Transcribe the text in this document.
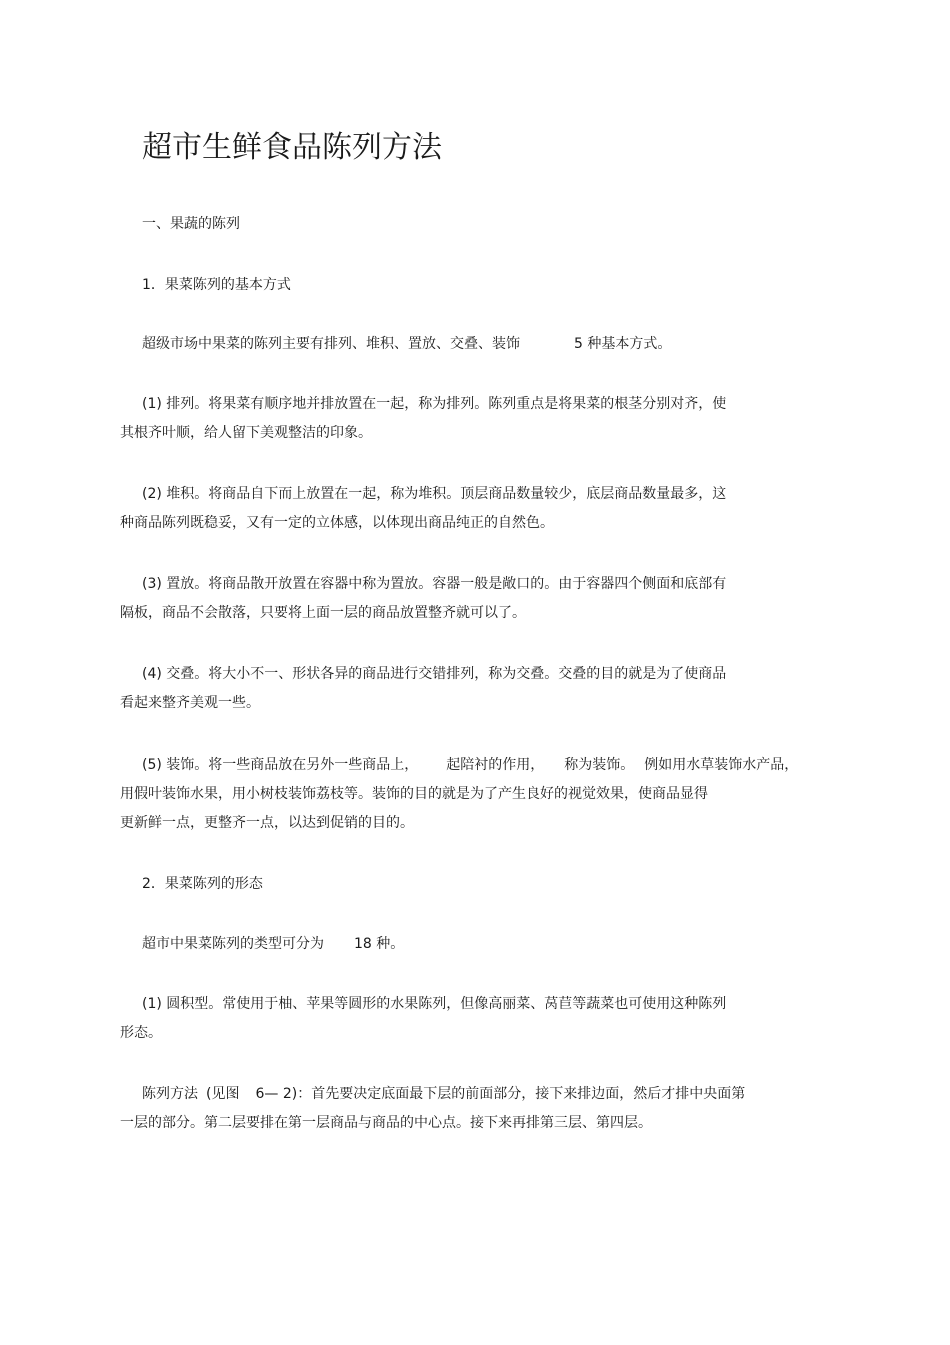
超市生鲜食品陈列方法
一、果蔬的陈列
1．果菜陈列的基本方式
超级市场中果菜的陈列主要有排列、堆积、置放、交叠、装饰	5 种基本方式。
(1) 排列。将果菜有顺序地并排放置在一起，称为排列。陈列重点是将果菜的根茎分别对齐，使
其根齐叶顺，给人留下美观整洁的印象。
(2) 堆积。将商品自下而上放置在一起，称为堆积。顶层商品数量较少，底层商品数量最多，这
种商品陈列既稳妥，又有一定的立体感，以体现出商品纯正的自然色。
(3) 置放。将商品散开放置在容器中称为置放。容器一般是敞口的。由于容器四个侧面和底部有
隔板，商品不会散落，只要将上面一层的商品放置整齐就可以了。
(4) 交叠。将大小不一、形状各异的商品进行交错排列，称为交叠。交叠的目的就是为了使商品
看起来整齐美观一些。
(5) 装饰。将一些商品放在另外一些商品上， 起陪衬的作用， 称为装饰。 例如用水草装饰水产品，
用假叶装饰水果，用小树枝装饰荔枝等。装饰的目的就是为了产生良好的视觉效果，使商品显得
更新鲜一点，更整齐一点，以达到促销的目的。
2．果菜陈列的形态
超市中果菜陈列的类型可分为 18 种。
(1) 圆积型。常使用于柚、苹果等圆形的水果陈列，但像高丽菜、莴苣等蔬菜也可使用这种陈列
形态。
陈列方法 (见图 6— 2)：首先要决定底面最下层的前面部分，接下来排边面，然后才排中央面第
一层的部分。第二层要排在第一层商品与商品的中心点。接下来再排第三层、第四层。
